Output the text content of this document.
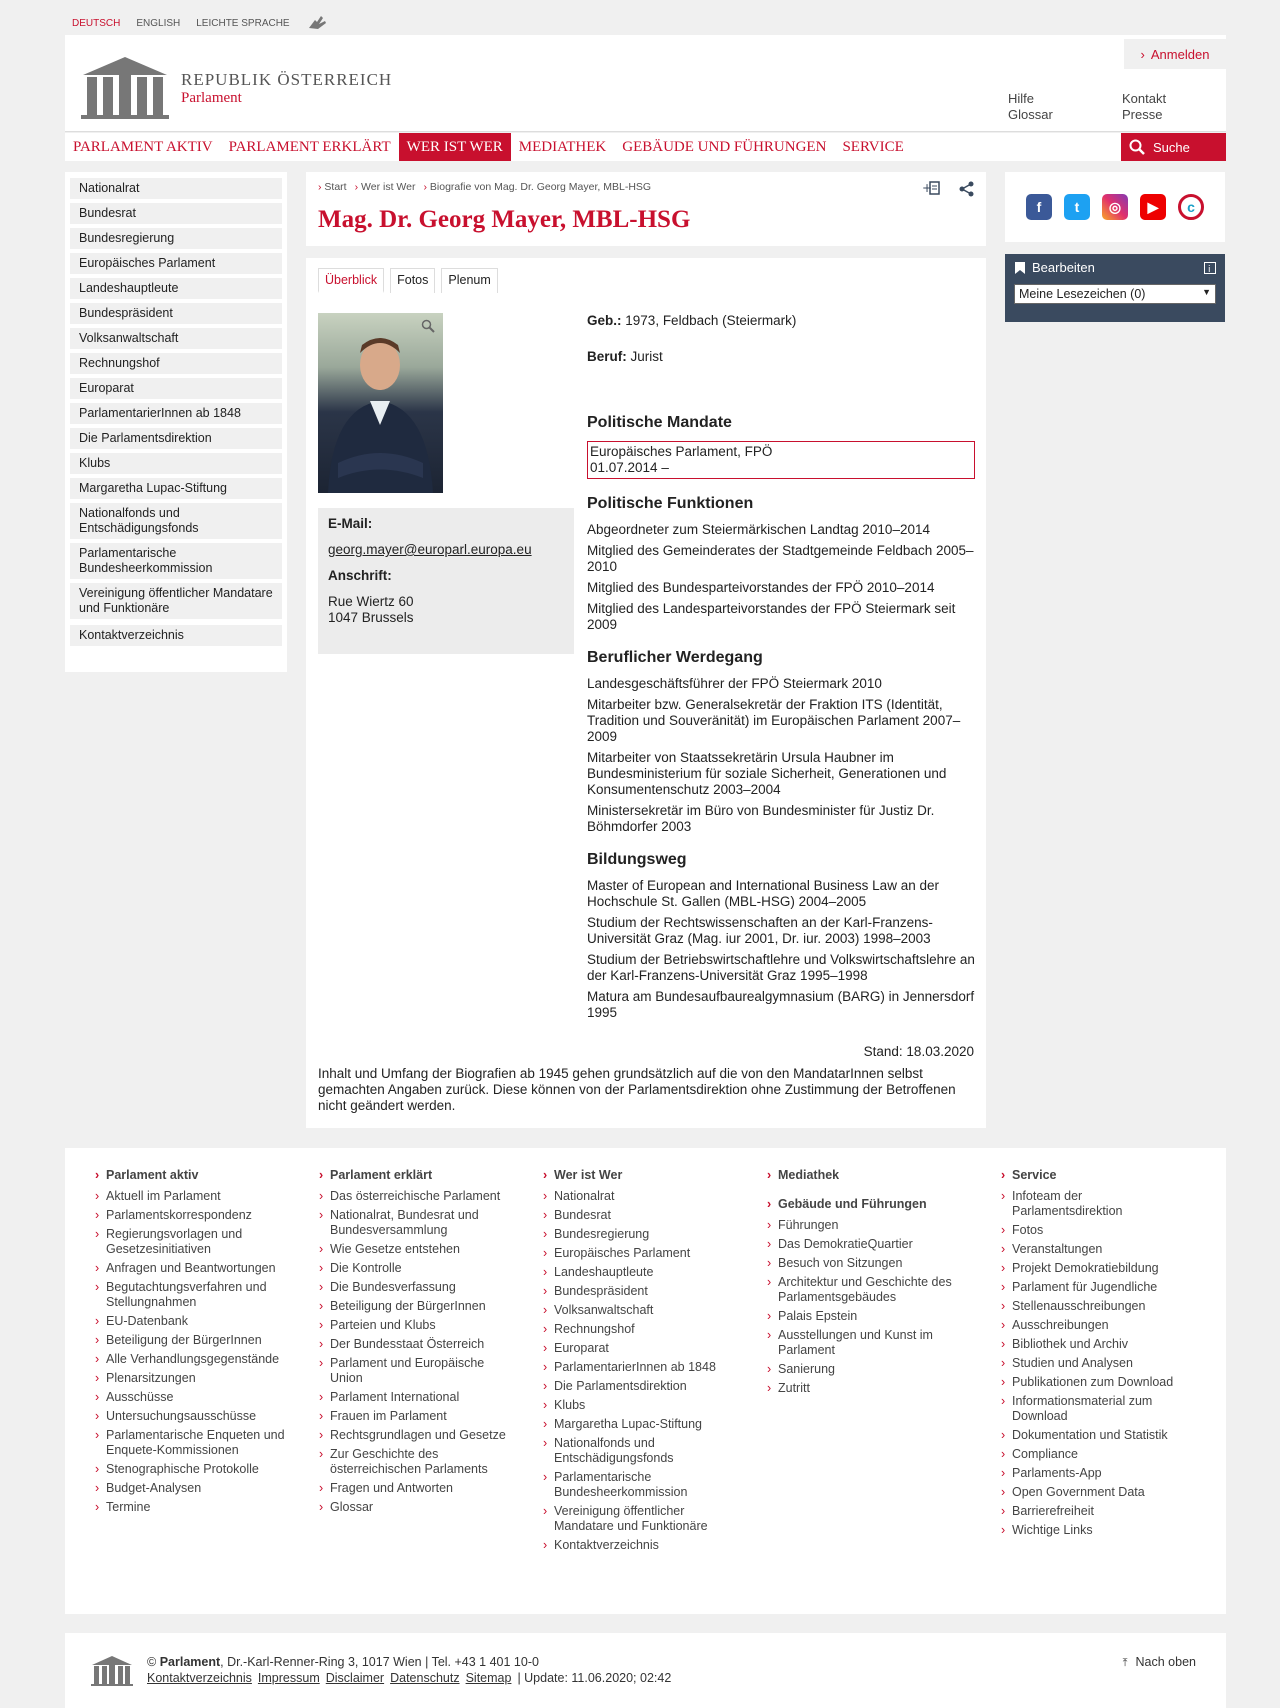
DEUTSCH ENGLISH LEICHTE SPRACHE
REPUBLIK ÖSTERREICH
Parlament
› Anmelden
Hilfe
Glossar
Kontakt
Presse
PARLAMENT AKTIV	PARLAMENT ERKLÄRT	WER IST WER	MEDIATHEK	GEBÄUDE UND FÜHRUNGEN	SERVICE	Suche
Nationalrat
Bundesrat
Bundesregierung
Europäisches Parlament
Landeshauptleute
Bundespräsident
Volksanwaltschaft
Rechnungshof
Europarat
ParlamentarierInnen ab 1848
Die Parlamentsdirektion
Klubs
Margaretha Lupac-Stiftung
Nationalfonds und Entschädigungsfonds
Parlamentarische Bundesheerkommission
Vereinigung öffentlicher Mandatare und Funktionäre
Kontaktverzeichnis
› Start	› Wer ist Wer	› Biografie von Mag. Dr. Georg Mayer, MBL-HSG	+
Mag. Dr. Georg Mayer, MBL-HSG
Überblick	Fotos	Plenum
E-Mail:
georg.mayer@europarl.europa.eu
Anschrift:
Rue Wiertz 60
1047 Brussels
Geb.: 1973, Feldbach (Steiermark)
Beruf: Jurist
Politische Mandate
Europäisches Parlament, FPÖ
01.07.2014 –
Politische Funktionen
Abgeordneter zum Steiermärkischen Landtag 2010–2014
Mitglied des Gemeinderates der Stadtgemeinde Feldbach 2005–2010
Mitglied des Bundesparteivorstandes der FPÖ 2010–2014
Mitglied des Landesparteivorstandes der FPÖ Steiermark seit 2009
Beruflicher Werdegang
Landesgeschäftsführer der FPÖ Steiermark 2010
Mitarbeiter bzw. Generalsekretär der Fraktion ITS (Identität, Tradition und Souveränität) im Europäischen Parlament 2007–2009
Mitarbeiter von Staatssekretärin Ursula Haubner im Bundesministerium für soziale Sicherheit, Generationen und Konsumentenschutz 2003–2004
Ministersekretär im Büro von Bundesminister für Justiz Dr. Böhmdorfer 2003
Bildungsweg
Master of European and International Business Law an der Hochschule St. Gallen (MBL-HSG) 2004–2005
Studium der Rechtswissenschaften an der Karl-Franzens-Universität Graz (Mag. iur 2001, Dr. iur. 2003) 1998–2003
Studium der Betriebswirtschaftlehre und Volkswirtschaftslehre an der Karl-Franzens-Universität Graz 1995–1998
Matura am Bundesaufbaurealgymnasium (BARG) in Jennersdorf 1995
Stand: 18.03.2020
Inhalt und Umfang der Biografien ab 1945 gehen grundsätzlich auf die von den MandatarInnen selbst gemachten Angaben zurück. Diese können von der Parlamentsdirektion ohne Zustimmung der Betroffenen nicht geändert werden.
f	t	◎	▶	c
Bearbeiten	i
Meine Lesezeichen (0)	▼
› Parlament aktiv
› Aktuell im Parlament
› Parlamentskorrespondenz
› Regierungsvorlagen und Gesetzesinitiativen
› Anfragen und Beantwortungen
› Begutachtungsverfahren und Stellungnahmen
› EU-Datenbank
› Beteiligung der BürgerInnen
› Alle Verhandlungsgegenstände
› Plenarsitzungen
› Ausschüsse
› Untersuchungsausschüsse
› Parlamentarische Enqueten und Enquete-Kommissionen
› Stenographische Protokolle
› Budget-Analysen
› Termine
› Parlament erklärt
› Das österreichische Parlament
› Nationalrat, Bundesrat und Bundesversammlung
› Wie Gesetze entstehen
› Die Kontrolle
› Die Bundesverfassung
› Beteiligung der BürgerInnen
› Parteien und Klubs
› Der Bundesstaat Österreich
› Parlament und Europäische Union
› Parlament International
› Frauen im Parlament
› Rechtsgrundlagen und Gesetze
› Zur Geschichte des österreichischen Parlaments
› Fragen und Antworten
› Glossar
› Wer ist Wer
› Nationalrat
› Bundesrat
› Bundesregierung
› Europäisches Parlament
› Landeshauptleute
› Bundespräsident
› Volksanwaltschaft
› Rechnungshof
› Europarat
› ParlamentarierInnen ab 1848
› Die Parlamentsdirektion
› Klubs
› Margaretha Lupac-Stiftung
› Nationalfonds und Entschädigungsfonds
› Parlamentarische Bundesheerkommission
› Vereinigung öffentlicher Mandatare und Funktionäre
› Kontaktverzeichnis
› Mediathek
› Gebäude und Führungen
› Führungen
› Das DemokratieQuartier
› Besuch von Sitzungen
› Architektur und Geschichte des Parlamentsgebäudes
› Palais Epstein
› Ausstellungen und Kunst im Parlament
› Sanierung
› Zutritt
› Service
› Infoteam der Parlamentsdirektion
› Fotos
› Veranstaltungen
› Projekt Demokratiebildung
› Parlament für Jugendliche
› Stellenausschreibungen
› Ausschreibungen
› Bibliothek und Archiv
› Studien und Analysen
› Publikationen zum Download
› Informationsmaterial zum Download
› Dokumentation und Statistik
› Compliance
› Parlaments-App
› Open Government Data
› Barrierefreiheit
› Wichtige Links
© Parlament, Dr.-Karl-Renner-Ring 3, 1017 Wien | Tel. +43 1 401 10-0
Kontaktverzeichnis Impressum Disclaimer Datenschutz Sitemap | Update: 11.06.2020; 02:42
⤒ Nach oben
